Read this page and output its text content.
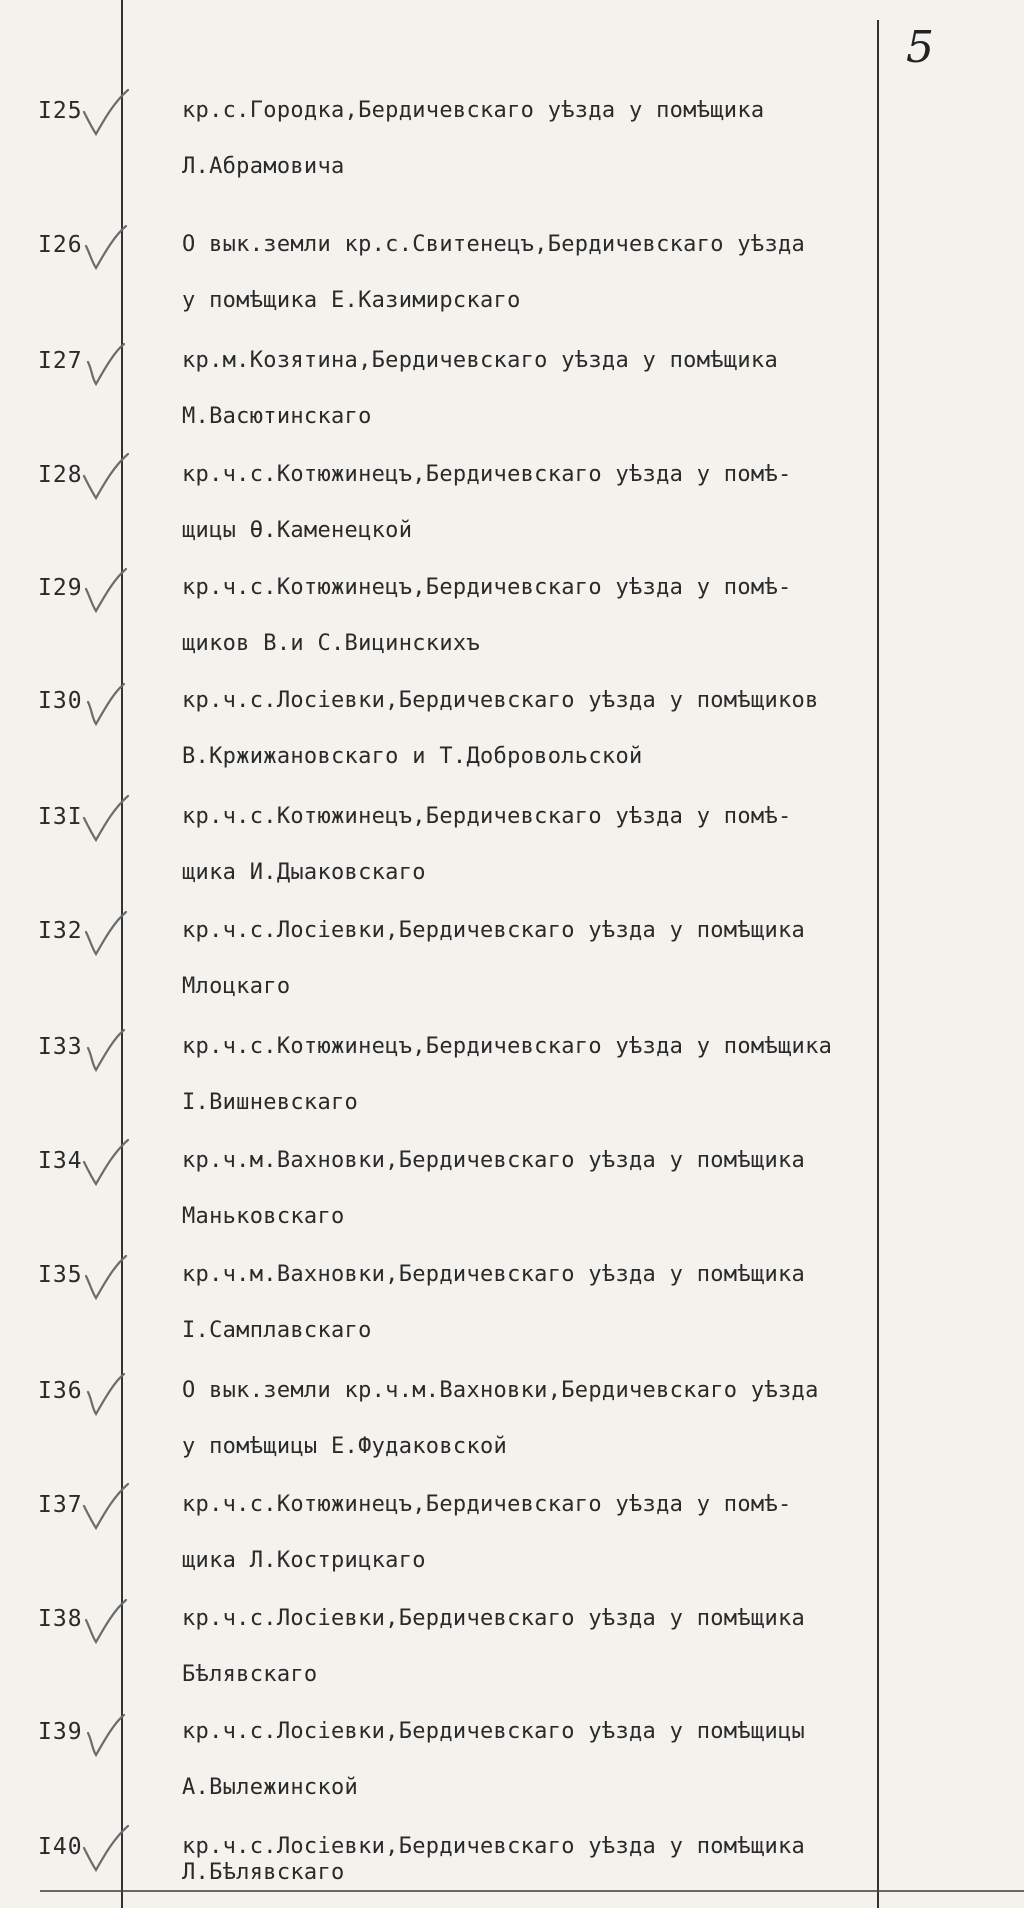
5
I25	кр.с.Городка,Бердичевскаго уѣзда у помѣщика
Л.Абрамовича
I26	О вык.земли кр.с.Свитенецъ,Бердичевскаго уѣзда
у помѣщика Е.Казимирскаго
I27	кр.м.Козятина,Бердичевскаго уѣзда у помѣщика
М.Васютинскаго
I28	кр.ч.с.Котюжинецъ,Бердичевскаго уѣзда у помѣ-
щицы Ѳ.Каменецкой
I29	кр.ч.с.Котюжинецъ,Бердичевскаго уѣзда у помѣ-
щиков В.и С.Вицинскихъ
I30	кр.ч.с.Лосіевки,Бердичевскаго уѣзда у помѣщиков
В.Кржижановскаго и Т.Добровольской
I3I	кр.ч.с.Котюжинецъ,Бердичевскаго уѣзда у помѣ-
щика И.Дыаковскаго
I32	кр.ч.с.Лосіевки,Бердичевскаго уѣзда у помѣщика
Млоцкаго
I33	кр.ч.с.Котюжинецъ,Бердичевскаго уѣзда у помѣщика
I.Вишневскаго
I34	кр.ч.м.Вахновки,Бердичевскаго уѣзда у помѣщика
Маньковскаго
I35	кр.ч.м.Вахновки,Бердичевскаго уѣзда у помѣщика
I.Самплавскаго
I36	О вык.земли кр.ч.м.Вахновки,Бердичевскаго уѣзда
у помѣщицы Е.Фудаковской
I37	кр.ч.с.Котюжинецъ,Бердичевскаго уѣзда у помѣ-
щика Л.Кострицкаго
I38	кр.ч.с.Лосіевки,Бердичевскаго уѣзда у помѣщика
Бѣлявскаго
I39	кр.ч.с.Лосіевки,Бердичевскаго уѣзда у помѣщицы
А.Вылежинской
I40	кр.ч.с.Лосіевки,Бердичевскаго уѣзда у помѣщика
Л.Бѣлявскаго
